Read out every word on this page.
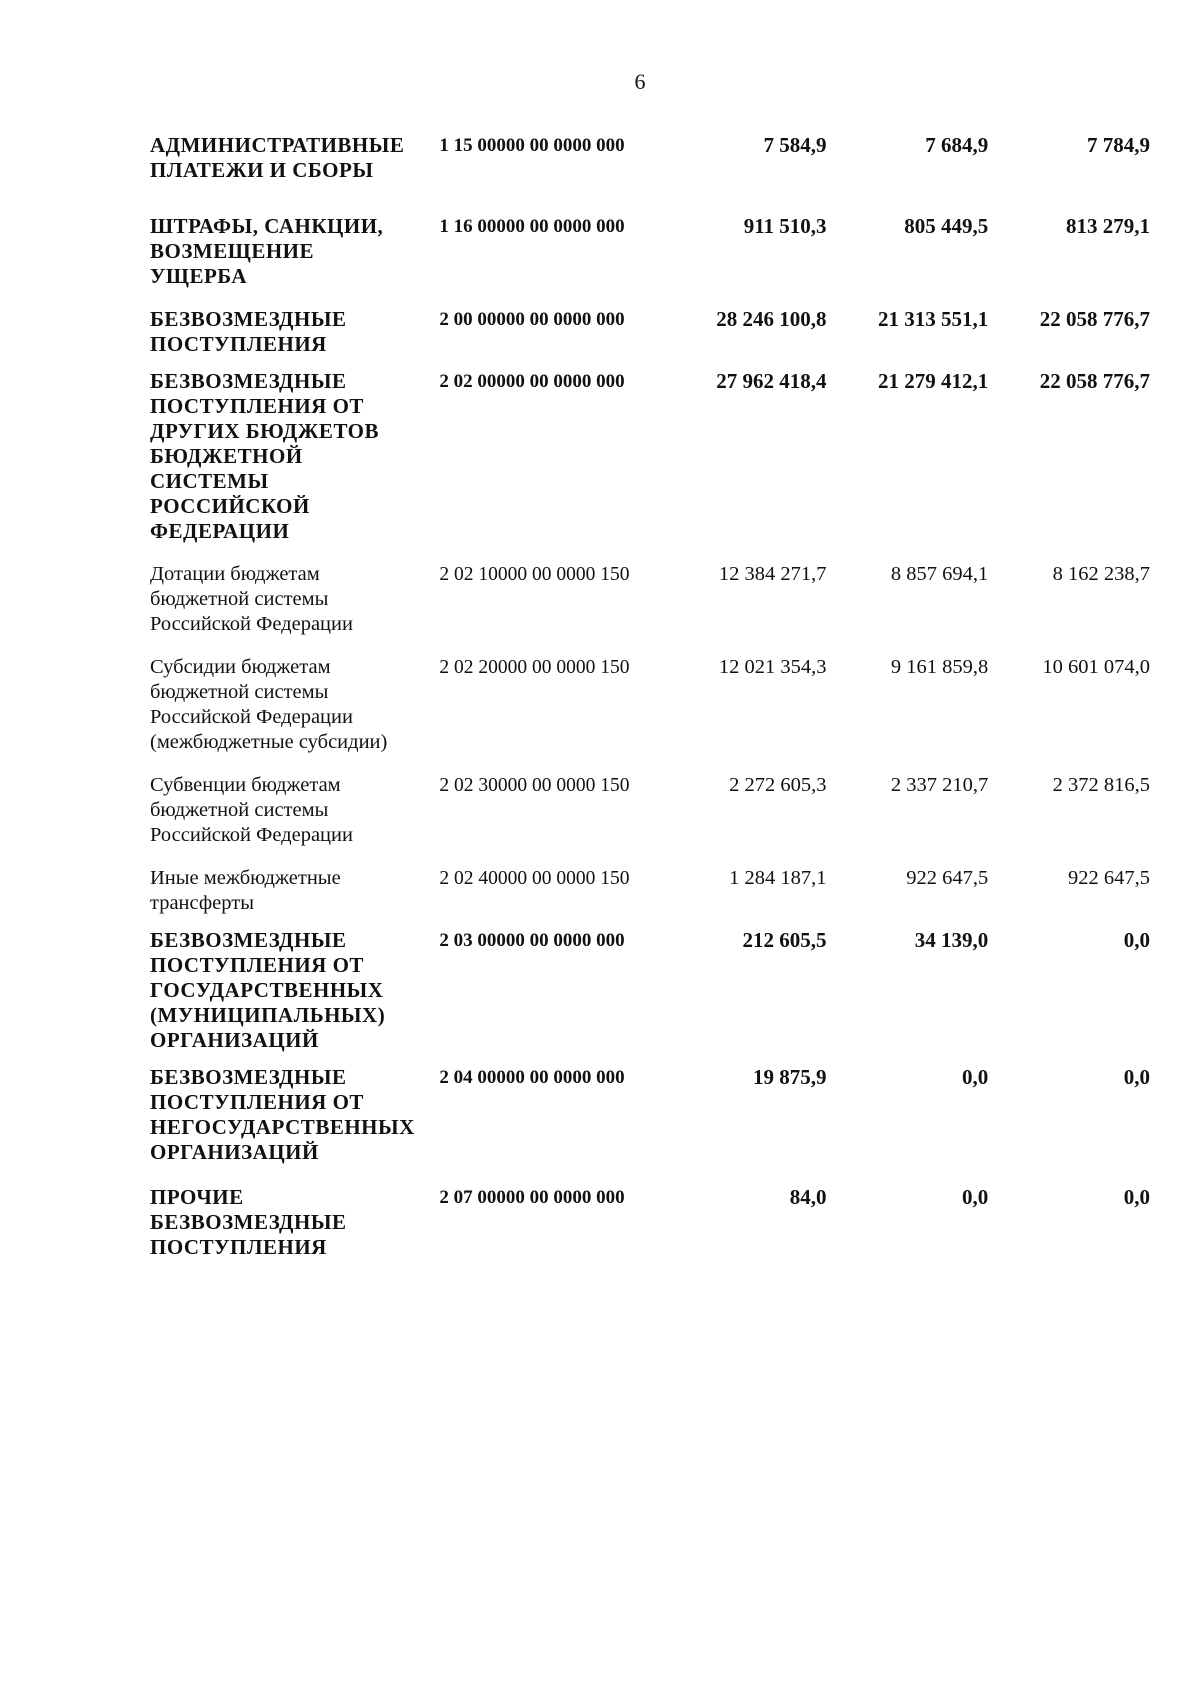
6
АДМИНИСТРАТИВНЫЕ
ПЛАТЕЖИ И СБОРЫ
1 15 00000 00 0000 000	7 584,9	7 684,9	7 784,9
ШТРАФЫ, САНКЦИИ,
ВОЗМЕЩЕНИЕ
УЩЕРБА
1 16 00000 00 0000 000	911 510,3	805 449,5	813 279,1
БЕЗВОЗМЕЗДНЫЕ
ПОСТУПЛЕНИЯ
2 00 00000 00 0000 000	28 246 100,8	21 313 551,1	22 058 776,7
БЕЗВОЗМЕЗДНЫЕ
ПОСТУПЛЕНИЯ ОТ
ДРУГИХ БЮДЖЕТОВ
БЮДЖЕТНОЙ
СИСТЕМЫ
РОССИЙСКОЙ
ФЕДЕРАЦИИ
2 02 00000 00 0000 000	27 962 418,4	21 279 412,1	22 058 776,7
Дотации бюджетам
бюджетной системы
Российской Федерации
2 02 10000 00 0000 150	12 384 271,7	8 857 694,1	8 162 238,7
Субсидии бюджетам
бюджетной системы
Российской Федерации
(межбюджетные субсидии)
2 02 20000 00 0000 150	12 021 354,3	9 161 859,8	10 601 074,0
Субвенции бюджетам
бюджетной системы
Российской Федерации
2 02 30000 00 0000 150	2 272 605,3	2 337 210,7	2 372 816,5
Иные межбюджетные
трансферты
2 02 40000 00 0000 150	1 284 187,1	922 647,5	922 647,5
БЕЗВОЗМЕЗДНЫЕ
ПОСТУПЛЕНИЯ ОТ
ГОСУДАРСТВЕННЫХ
(МУНИЦИПАЛЬНЫХ)
ОРГАНИЗАЦИЙ
2 03 00000 00 0000 000	212 605,5	34 139,0	0,0
БЕЗВОЗМЕЗДНЫЕ
ПОСТУПЛЕНИЯ ОТ
НЕГОСУДАРСТВЕННЫХ
ОРГАНИЗАЦИЙ
2 04 00000 00 0000 000	19 875,9	0,0	0,0
ПРОЧИЕ
БЕЗВОЗМЕЗДНЫЕ
ПОСТУПЛЕНИЯ
2 07 00000 00 0000 000	84,0	0,0	0,0
